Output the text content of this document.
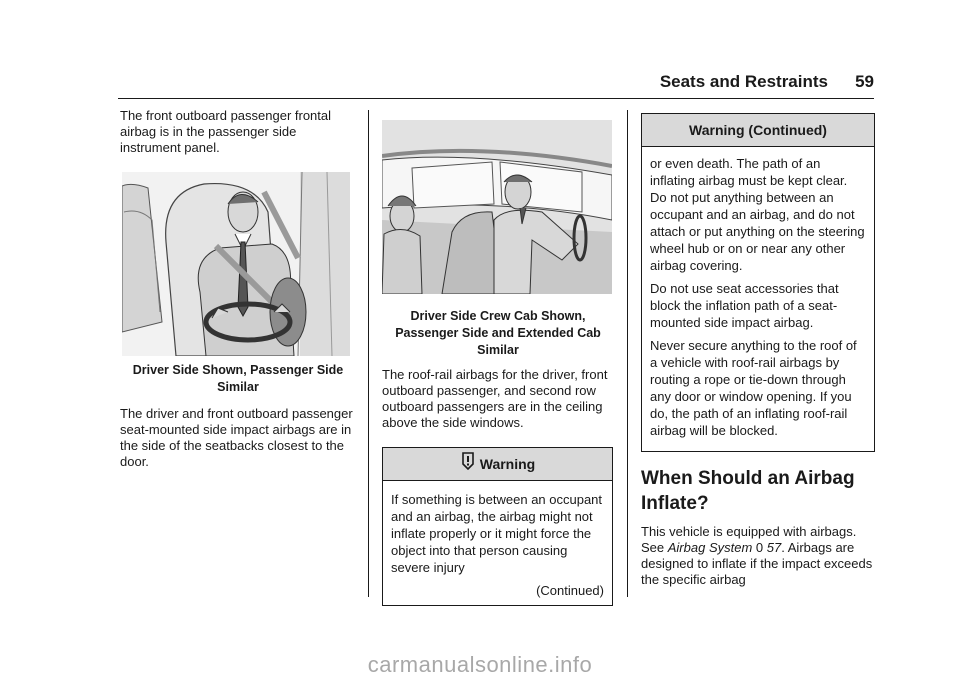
Seats and Restraints 59

The front outboard passenger frontal airbag is in the passenger side instrument panel.

Driver Side Shown, Passenger Side Similar

The driver and front outboard passenger seat-mounted side impact airbags are in the side of the seatbacks closest to the door.

Driver Side Crew Cab Shown, Passenger Side and Extended Cab Similar

The roof-rail airbags for the driver, front outboard passenger, and second row outboard passengers are in the ceiling above the side windows.

Warning

If something is between an occupant and an airbag, the airbag might not inflate properly or it might force the object into that person causing severe injury

(Continued)
Warning (Continued)

or even death. The path of an inflating airbag must be kept clear. Do not put anything between an occupant and an airbag, and do not attach or put anything on the steering wheel hub or on or near any other airbag covering.

Do not use seat accessories that block the inflation path of a seat-mounted side impact airbag.

Never secure anything to the roof of a vehicle with roof-rail airbags by routing a rope or tie-down through any door or window opening. If you do, the path of an inflating roof-rail airbag will be blocked.

When Should an Airbag Inflate?

This vehicle is equipped with airbags. See Airbag System 0 57. Airbags are designed to inflate if the impact exceeds the specific airbag

carmanualsonline.info
